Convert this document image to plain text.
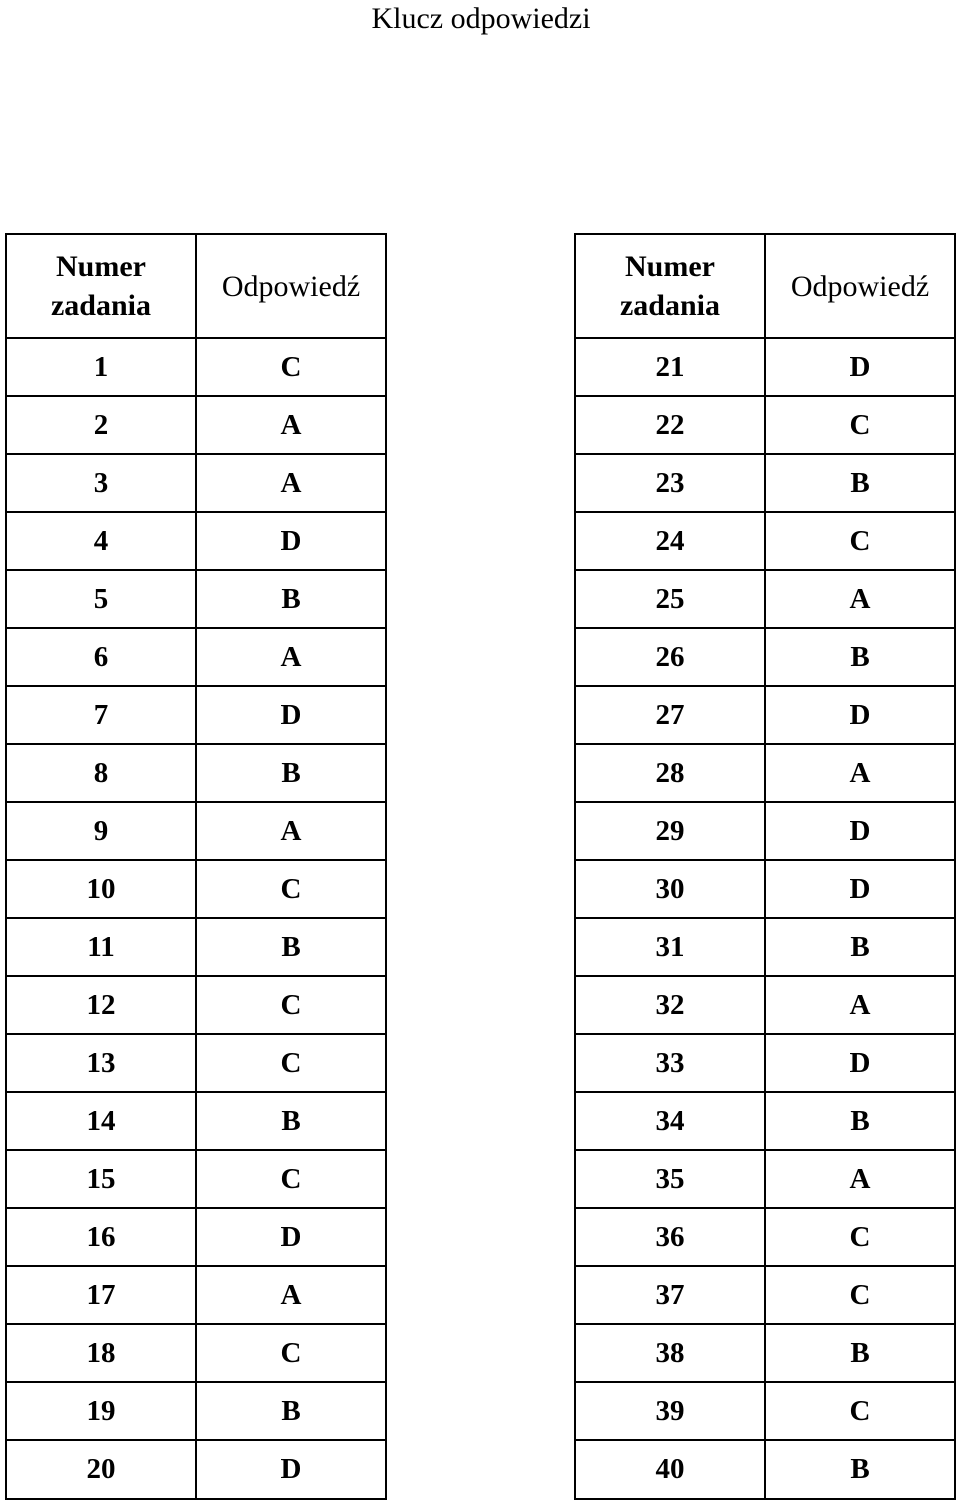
Klucz odpowiedzi
Numer
zadania	Odpowiedź
1	C
2	A
3	A
4	D
5	B
6	A
7	D
8	B
9	A
10	C
11	B
12	C
13	C
14	B
15	C
16	D
17	A
18	C
19	B
20	D
Numer
zadania	Odpowiedź
21	D
22	C
23	B
24	C
25	A
26	B
27	D
28	A
29	D
30	D
31	B
32	A
33	D
34	B
35	A
36	C
37	C
38	B
39	C
40	B
